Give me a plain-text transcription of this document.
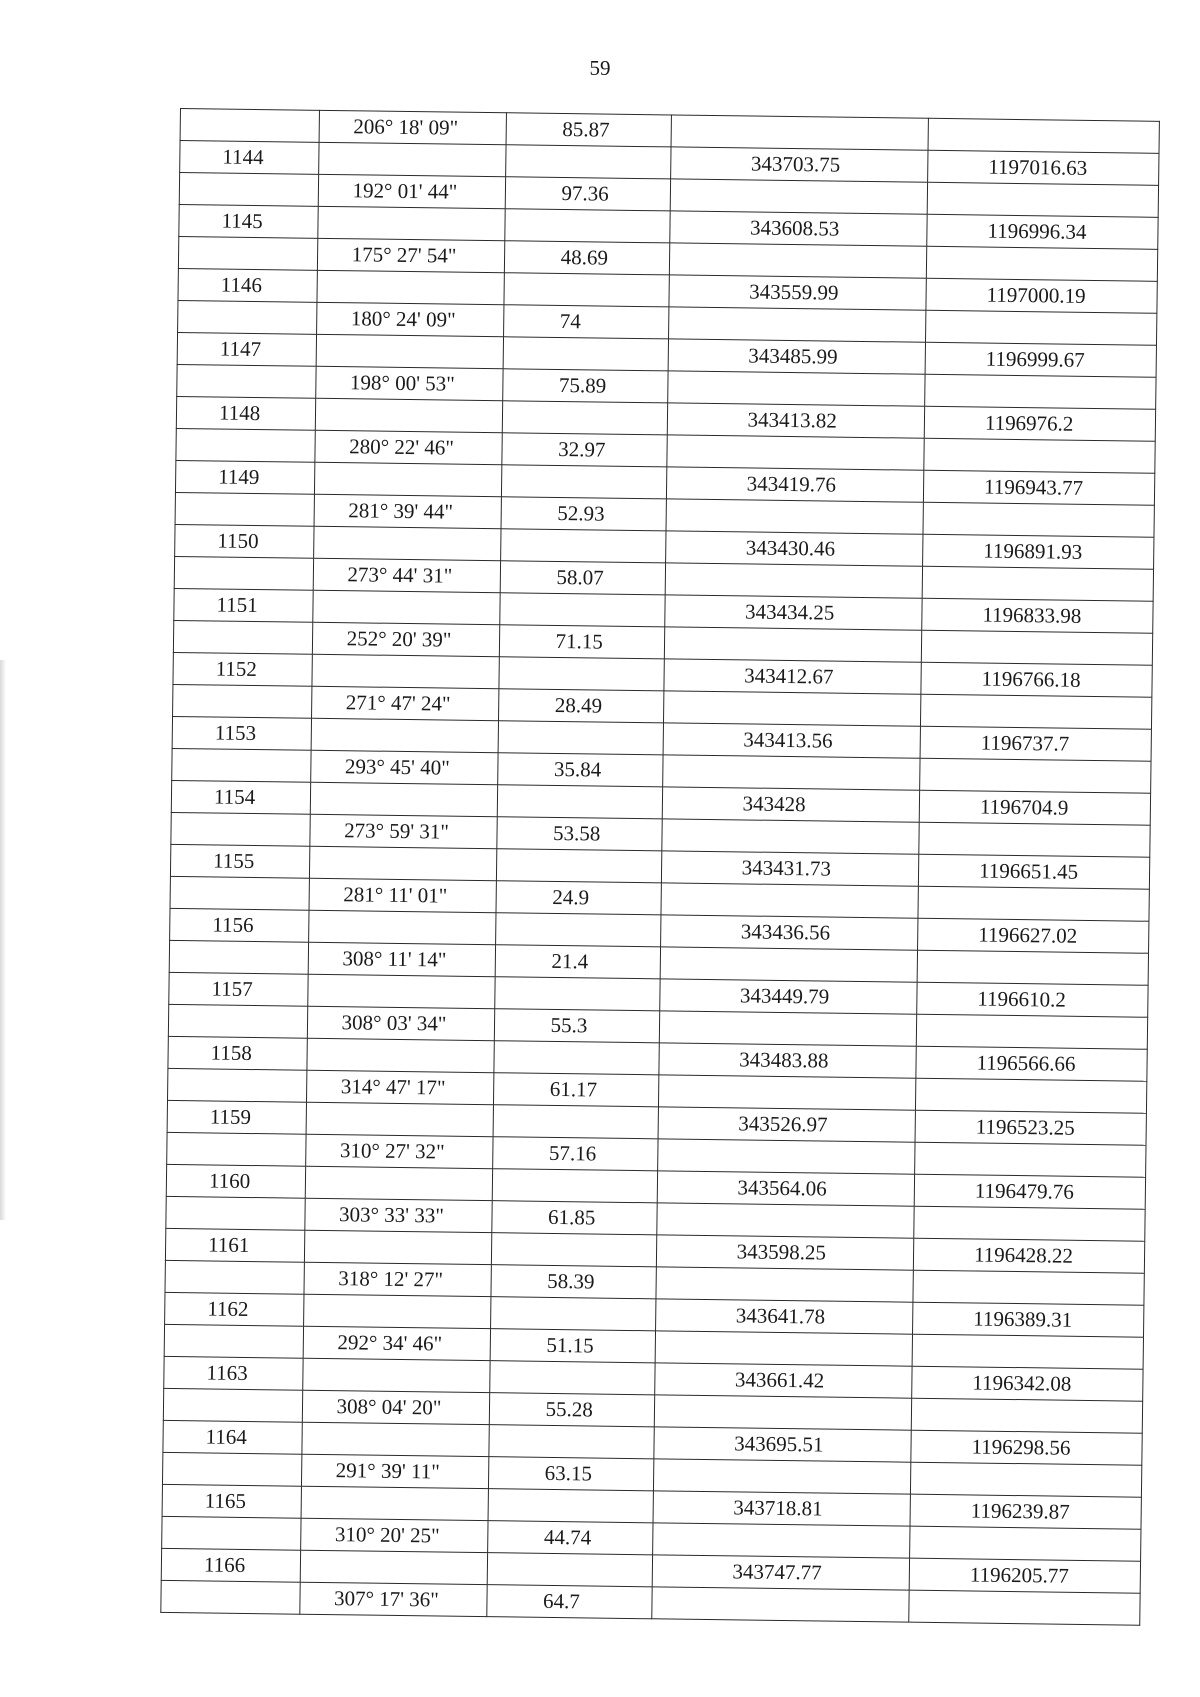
59
	206° 18' 09"	85.87		
1144			343703.75	1197016.63
	192° 01' 44"	97.36		
1145			343608.53	1196996.34
	175° 27' 54"	48.69		
1146			343559.99	1197000.19
	180° 24' 09"	74		
1147			343485.99	1196999.67
	198° 00' 53"	75.89		
1148			343413.82	1196976.2
	280° 22' 46"	32.97		
1149			343419.76	1196943.77
	281° 39' 44"	52.93		
1150			343430.46	1196891.93
	273° 44' 31"	58.07		
1151			343434.25	1196833.98
	252° 20' 39"	71.15		
1152			343412.67	1196766.18
	271° 47' 24"	28.49		
1153			343413.56	1196737.7
	293° 45' 40"	35.84		
1154			343428	1196704.9
	273° 59' 31"	53.58		
1155			343431.73	1196651.45
	281° 11' 01"	24.9		
1156			343436.56	1196627.02
	308° 11' 14"	21.4		
1157			343449.79	1196610.2
	308° 03' 34"	55.3		
1158			343483.88	1196566.66
	314° 47' 17"	61.17		
1159			343526.97	1196523.25
	310° 27' 32"	57.16		
1160			343564.06	1196479.76
	303° 33' 33"	61.85		
1161			343598.25	1196428.22
	318° 12' 27"	58.39		
1162			343641.78	1196389.31
	292° 34' 46"	51.15		
1163			343661.42	1196342.08
	308° 04' 20"	55.28		
1164			343695.51	1196298.56
	291° 39' 11"	63.15		
1165			343718.81	1196239.87
	310° 20' 25"	44.74		
1166			343747.77	1196205.77
	307° 17' 36"	64.7		
